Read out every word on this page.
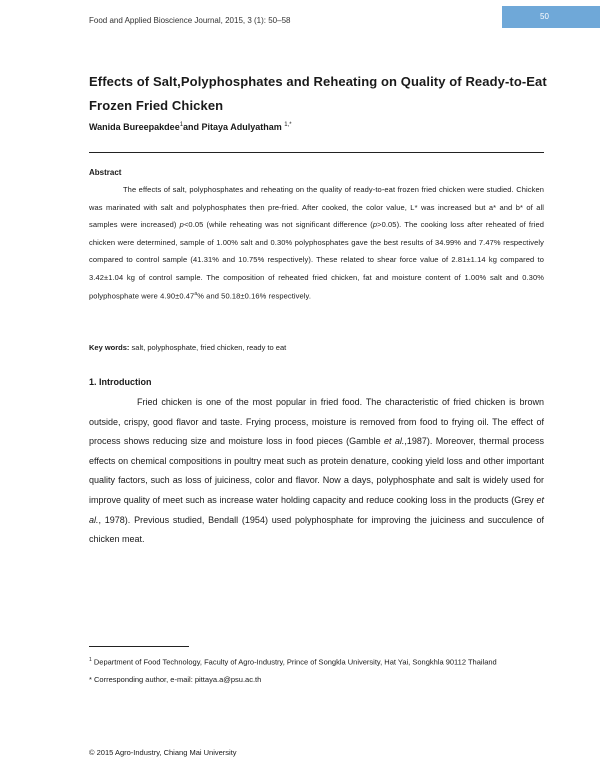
Food and Applied Bioscience Journal, 2015, 3 (1): 50–58	50
Effects of Salt,Polyphosphates and Reheating on Quality of Ready-to-Eat Frozen Fried Chicken
Wanida Bureepakdee$^1$and Pitaya Adulyatham $^{1,*}$
Abstract
The effects of salt, polyphosphates and reheating on the quality of ready-to-eat frozen fried chicken were studied. Chicken was marinated with salt and polyphosphates then pre-fried. After cooked, the color value, L* was increased but a* and b* of all samples were increased) p<0.05 (while reheating was not significant difference (p>0.05). The cooking loss after reheated of fried chicken were determined, sample of 1.00% salt and 0.30% polyphosphates gave the best results of 34.99% and 7.47% respectively compared to control sample (41.31% and 10.75% respectively). These related to shear force value of 2.81±1.14 kg compared to 3.42±1.04 kg of control sample. The composition of reheated fried chicken, fat and moisture content of 1.00% salt and 0.30% polyphosphate were 4.90±0.47$^a$% and 50.18±0.16% respectively.
Key words: salt, polyphosphate, fried chicken, ready to eat
1. Introduction
Fried chicken is one of the most popular in fried food. The characteristic of fried chicken is brown outside, crispy, good flavor and taste. Frying process, moisture is removed from food to frying oil. The effect of process shows reducing size and moisture loss in food pieces (Gamble et al.,1987). Moreover, thermal process effects on chemical compositions in poultry meat such as protein denature, cooking yield loss and other important quality factors, such as loss of juiciness, color and flavor. Now a days, polyphosphate and salt is widely used for improve quality of meet such as increase water holding capacity and reduce cooking loss in the products (Grey et al., 1978). Previous studied, Bendall (1954) used polyphosphate for improving the juiciness and succulence of chicken meat.
$^1$ Department of Food Technology, Faculty of Agro-Industry, Prince of Songkla University, Hat Yai, Songkhla 90112 Thailand
* Corresponding author, e-mail: pittaya.a@psu.ac.th
© 2015 Agro-Industry, Chiang Mai University
